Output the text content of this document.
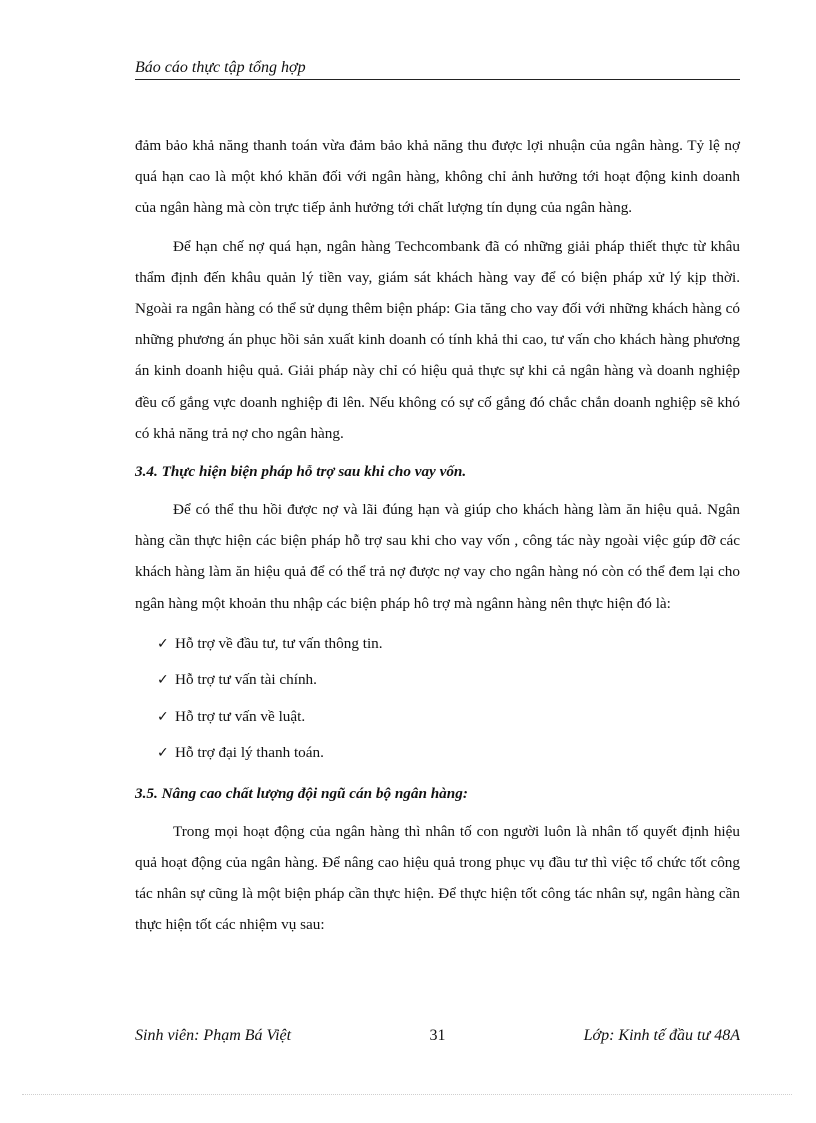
Báo cáo thực tập tổng hợp

đảm bảo khả năng thanh toán vừa đảm bảo khả năng thu được lợi nhuận của ngân hàng. Tỷ lệ nợ quá hạn cao là một khó khăn đối với ngân hàng, không chỉ ảnh hưởng tới hoạt động kinh doanh của ngân hàng mà còn trực tiếp ảnh hưởng tới chất lượng tín dụng của ngân hàng.

Để hạn chế nợ quá hạn, ngân hàng Techcombank đã có những giải pháp thiết thực từ khâu thẩm định đến khâu quản lý tiền vay, giám sát khách hàng vay để có biện pháp xử lý kịp thời. Ngoài ra ngân hàng có thể sử dụng thêm biện pháp: Gia tăng cho vay đối với những khách hàng có những phương án phục hồi sản xuất kinh doanh có tính khả thi cao, tư vấn cho khách hàng phương án kinh doanh hiệu quả. Giải pháp này chỉ có hiệu quả thực sự khi cả ngân hàng và doanh nghiệp đều cố gắng vực doanh nghiệp đi lên. Nếu không có sự cố gắng đó chắc chắn doanh nghiệp sẽ khó có khả năng trả nợ cho ngân hàng.

3.4. Thực hiện biện pháp hỗ trợ sau khi cho vay vốn.

Để có thể thu hồi được nợ và lãi đúng hạn và giúp cho khách hàng làm ăn hiệu quả. Ngân hàng cần thực hiện các biện pháp hỗ trợ sau khi cho vay vốn , công tác này ngoài việc gúp đỡ các khách hàng làm ăn hiệu quả để có thể trả nợ được nợ vay cho ngân hàng nó còn có thể đem lại cho ngân hàng một khoản thu nhập các biện pháp hô trợ mà ngânn hàng nên thực hiện đó là:

✓ Hỗ trợ về đầu tư, tư vấn thông tin.
✓ Hỗ trợ tư vấn tài chính.
✓ Hỗ trợ tư vấn về luật.
✓ Hỗ trợ đại lý thanh toán.
3.5. Nâng cao chất lượng đội ngũ cán bộ ngân hàng:

Trong mọi hoạt động của ngân hàng thì nhân tố con người luôn là nhân tố quyết định hiệu quả hoạt động của ngân hàng. Để nâng cao hiệu quả trong phục vụ đầu tư thì việc tổ chức tốt công tác nhân sự cũng là một biện pháp cần thực hiện. Để thực hiện tốt công tác nhân sự, ngân hàng cần thực hiện tốt các nhiệm vụ sau:

Sinh viên: Phạm Bá Việt	31	Lớp: Kinh tế đầu tư 48A
